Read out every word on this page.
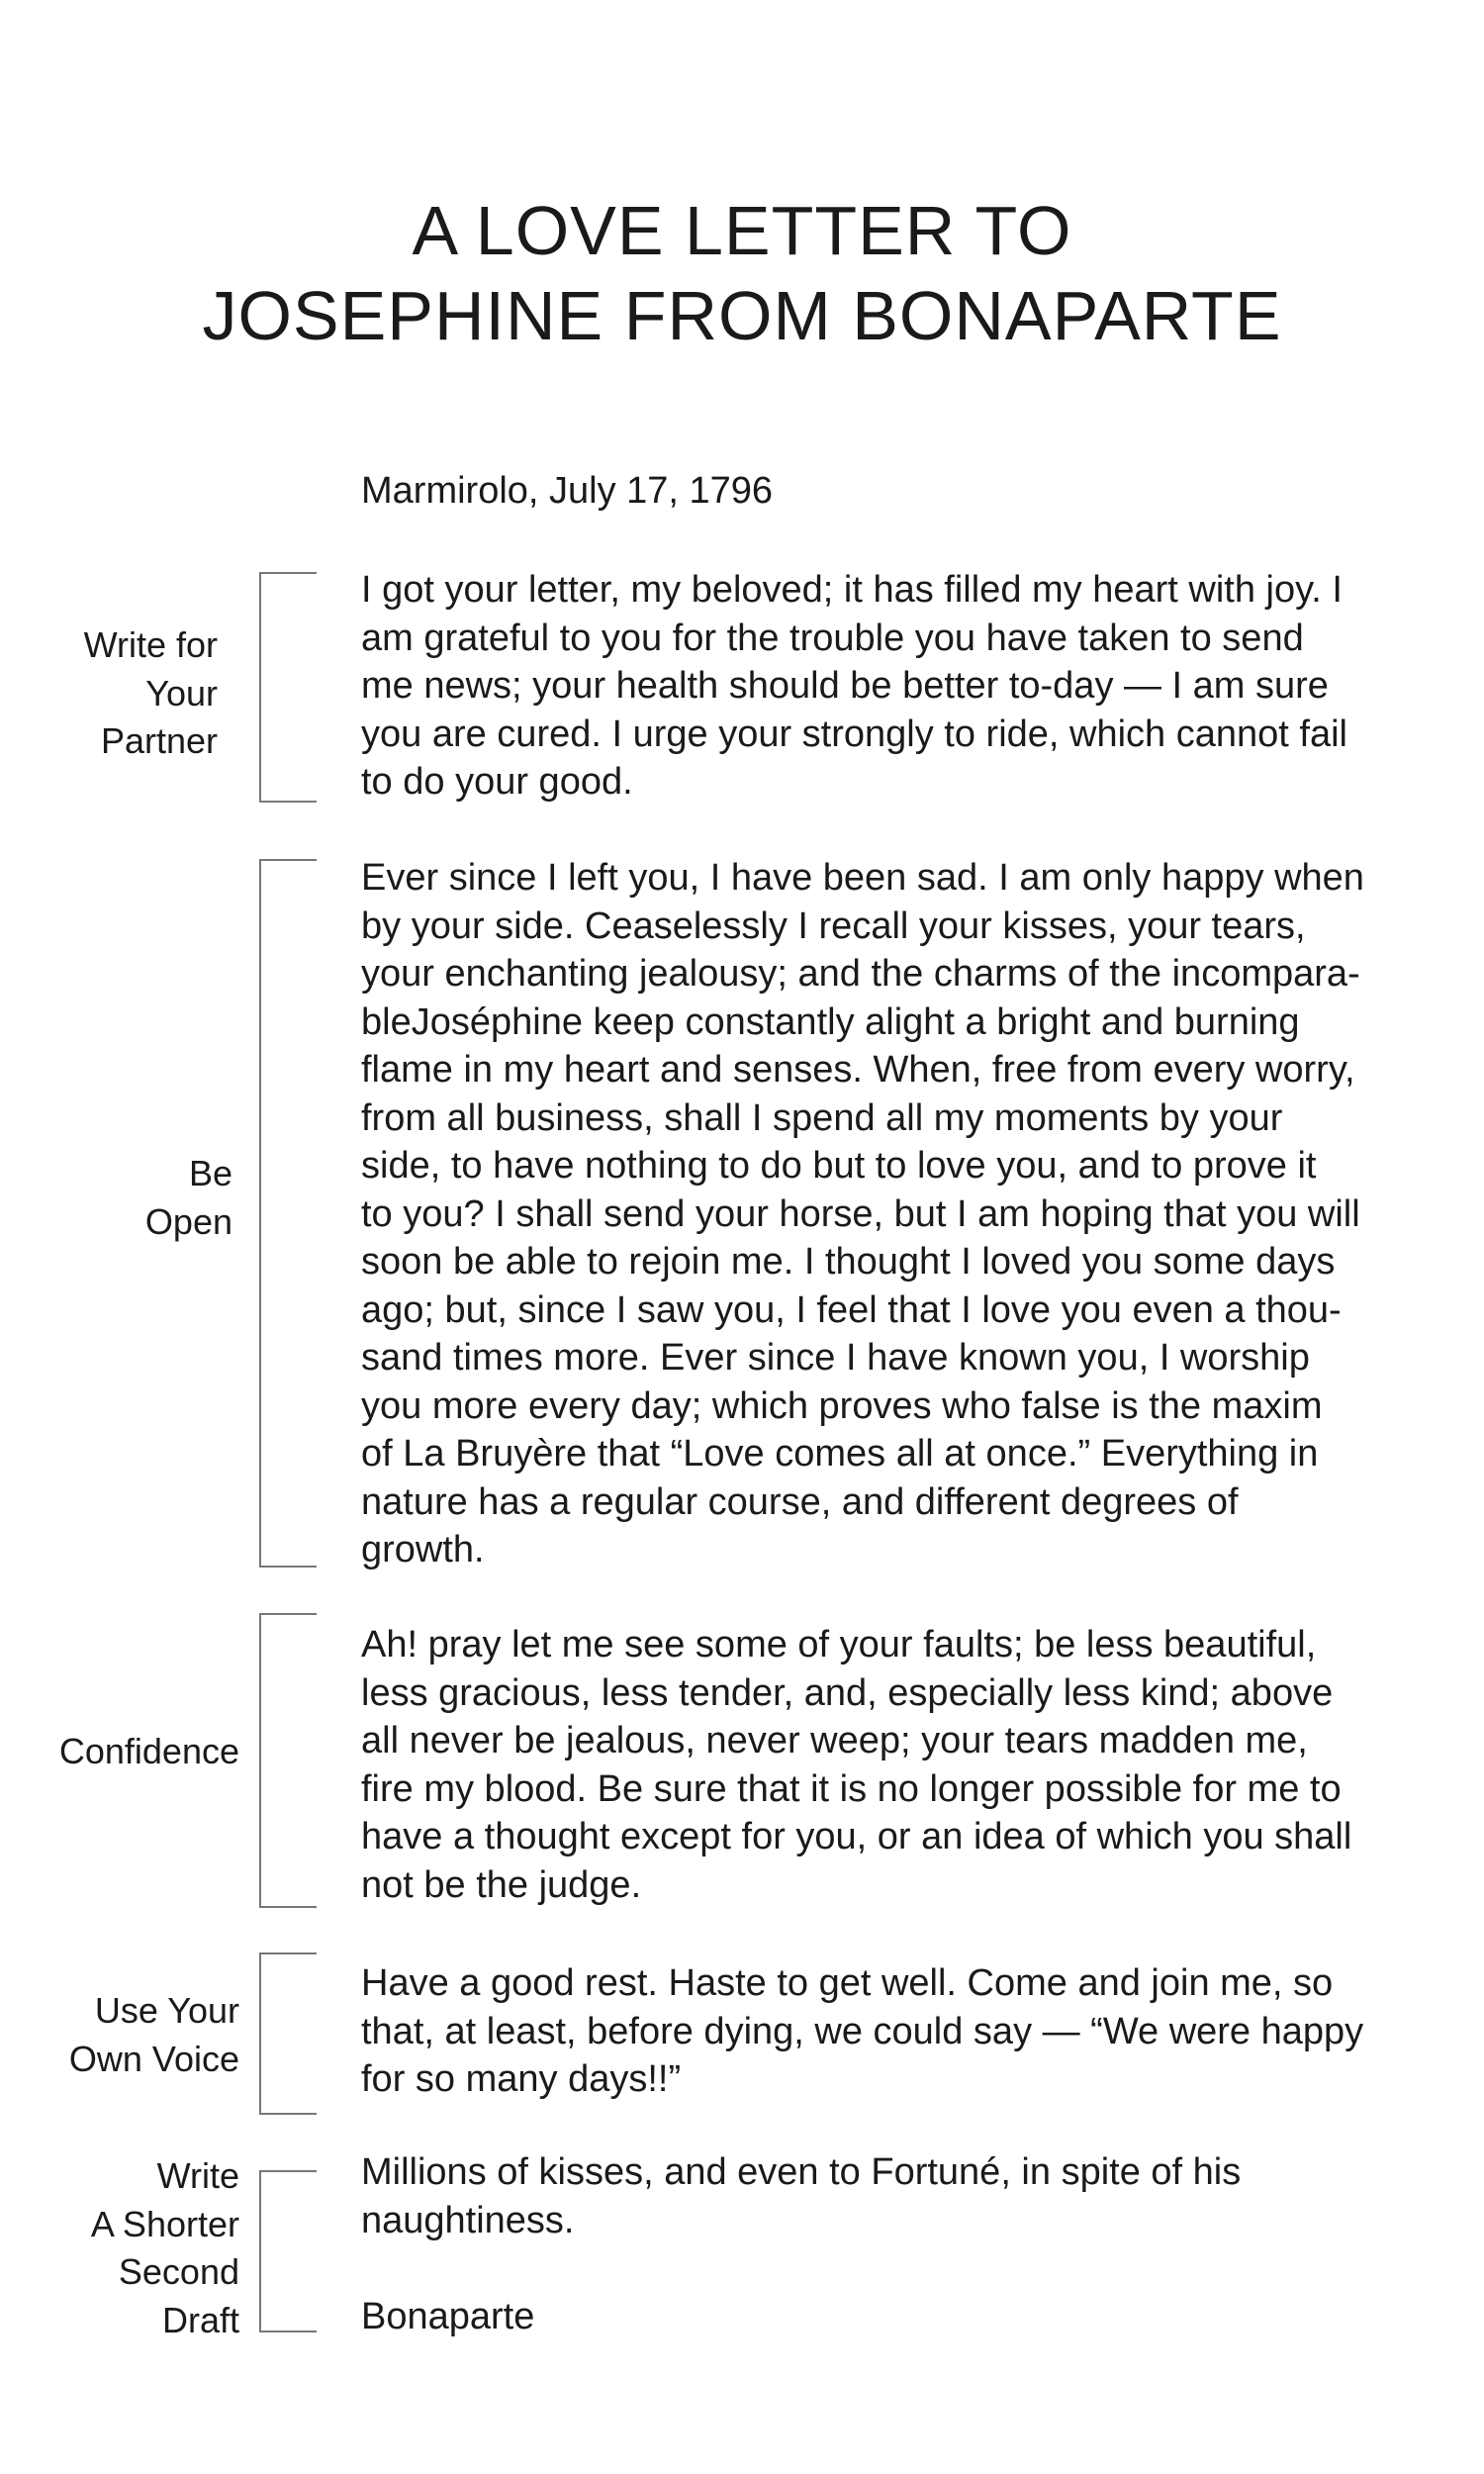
A LOVE LETTER TO
JOSEPHINE FROM BONAPARTE
Marmirolo, July 17, 1796
I got your letter, my beloved; it has filled my heart with joy. I
am grateful to you for the trouble you have taken to send
me news; your health should be better to-day — I am sure
you are cured. I urge your strongly to ride, which cannot fail
to do your good.
Ever since I left you, I have been sad. I am only happy when
by your side. Ceaselessly I recall your kisses, your tears,
your enchanting jealousy; and the charms of the incompara-
bleJoséphine keep constantly alight a bright and burning
flame in my heart and senses. When, free from every worry,
from all business, shall I spend all my moments by your
side, to have nothing to do but to love you, and to prove it
to you? I shall send your horse, but I am hoping that you will
soon be able to rejoin me. I thought I loved you some days
ago; but, since I saw you, I feel that I love you even a thou-
sand times more. Ever since I have known you, I worship
you more every day; which proves who false is the maxim
of La Bruyère that “Love comes all at once.” Everything in
nature has a regular course, and different degrees of
growth.
Ah! pray let me see some of your faults; be less beautiful,
less gracious, less tender, and, especially less kind; above
all never be jealous, never weep; your tears madden me,
fire my blood. Be sure that it is no longer possible for me to
have a thought except for you, or an idea of which you shall
not be the judge.
Have a good rest. Haste to get well. Come and join me, so
that, at least, before dying, we could say — “We were happy
for so many days!!”
Millions of kisses, and even to Fortuné, in spite of his
naughtiness.
Bonaparte
Write for
Your
Partner
Be
Open
Confidence
Use Your
Own Voice
Write
A Shorter
Second
Draft
